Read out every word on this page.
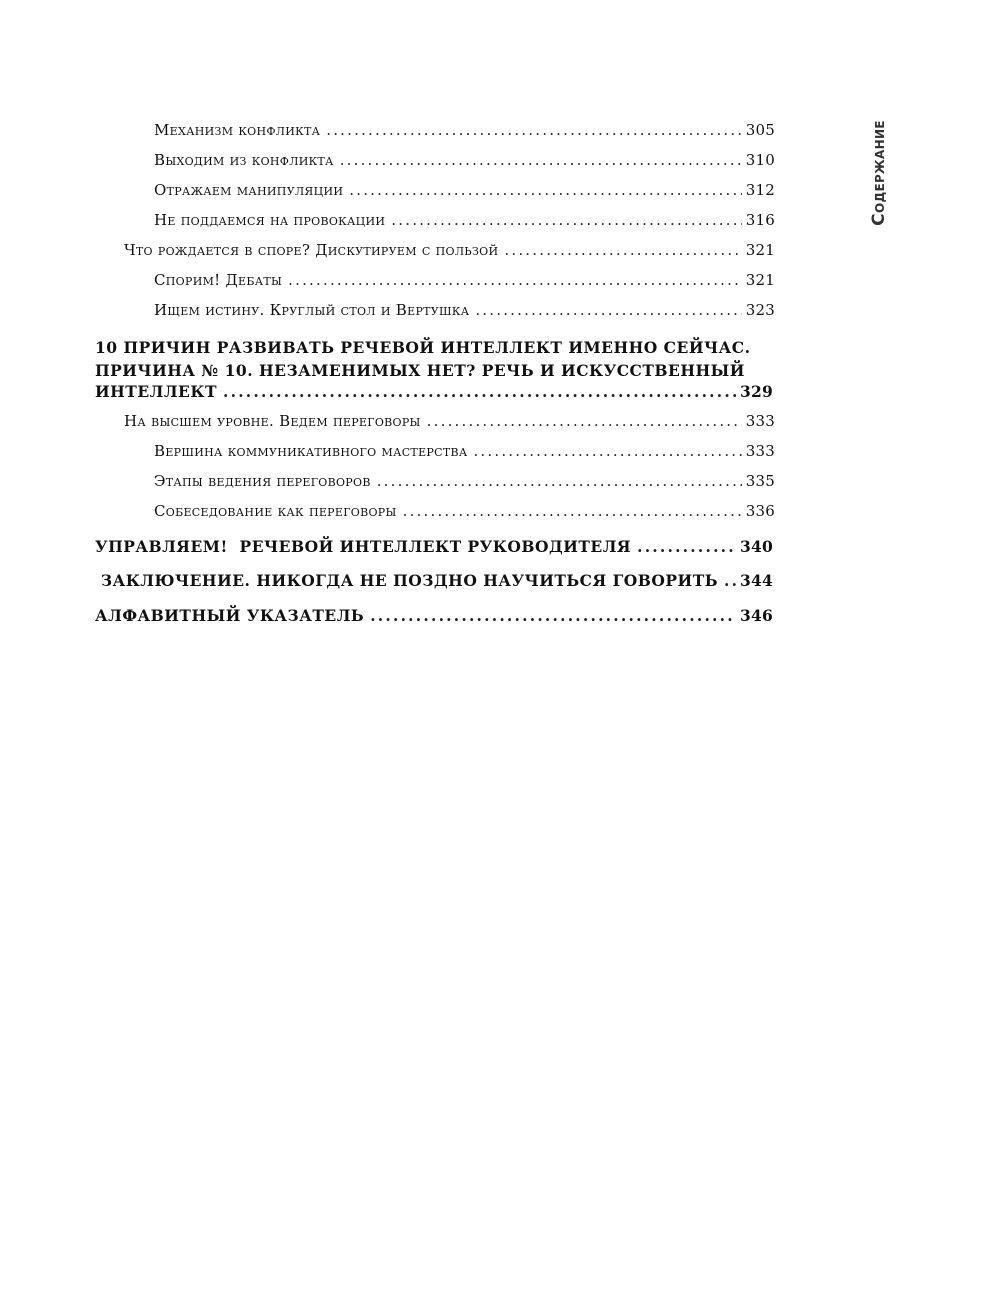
Механизм конфликта .....	305
Выходим из конфликта .....	310
Отражаем манипуляции .....	312
Не поддаемся на провокации .....	316
Что рождается в споре? Дискутируем с пользой .....	321
Спорим! Дебаты .....	321
Ищем истину. Круглый стол и Вертушка .....	323
10 ПРИЧИН РАЗВИВАТЬ РЕЧЕВОЙ ИНТЕЛЛЕКТ ИМЕННО СЕЙЧАС.
ПРИЧИНА № 10. НЕЗАМЕНИМЫХ НЕТ? РЕЧЬ И ИСКУССТВЕННЫЙ
ИНТЕЛЛЕКТ .....	329
На высшем уровне. Ведем переговоры .....	333
Вершина коммуникативного мастерства .....	333
Этапы ведения переговоров .....	335
Собеседование как переговоры .....	336
УПРАВЛЯЕМ!  РЕЧЕВОЙ ИНТЕЛЛЕКТ РУКОВОДИТЕЛЯ .....	340
ЗАКЛЮЧЕНИЕ. НИКОГДА НЕ ПОЗДНО НАУЧИТЬСЯ ГОВОРИТЬ ..... 344
АЛФАВИТНЫЙ УКАЗАТЕЛЬ .....	346
Содержание
